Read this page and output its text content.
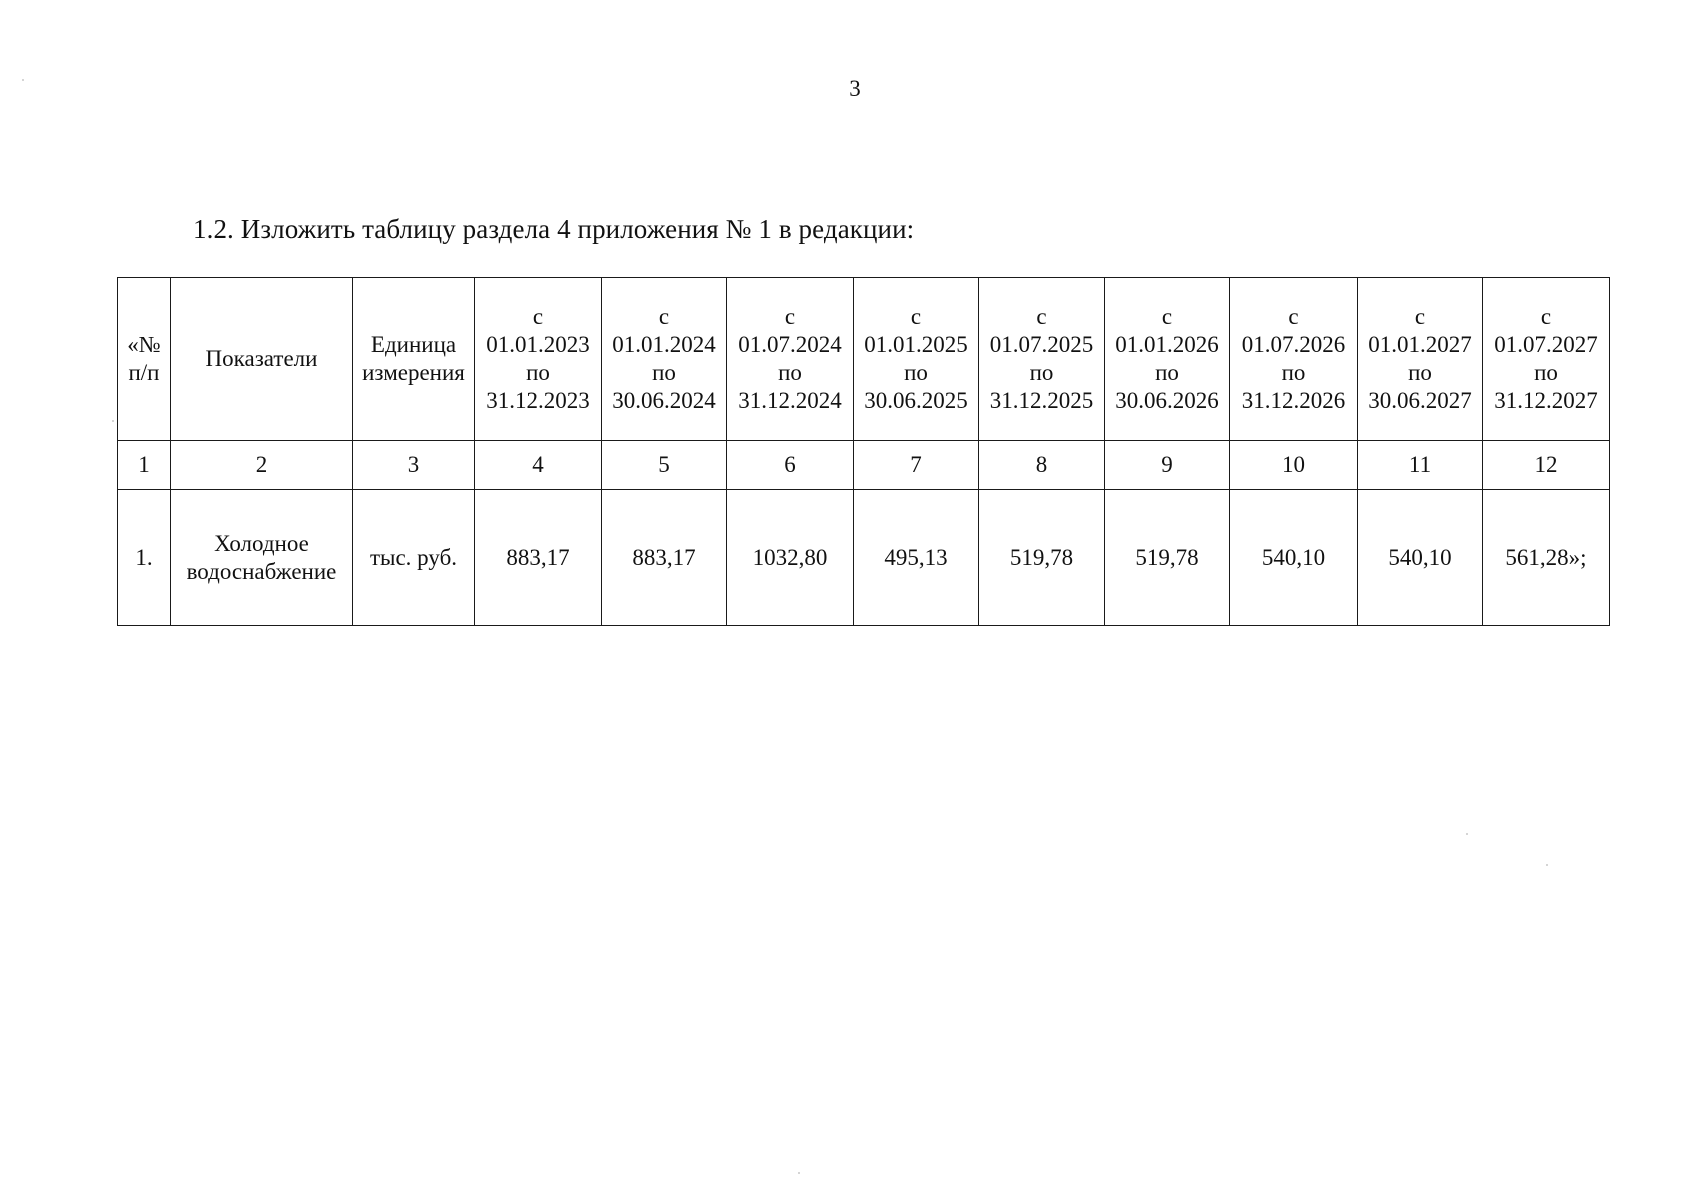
3
1.2. Изложить таблицу раздела 4 приложения № 1 в редакции:
«№
п/п	Показатели	Единица
измерения	с
01.01.2023
по
31.12.2023	с
01.01.2024
по
30.06.2024	с
01.07.2024
по
31.12.2024	с
01.01.2025
по
30.06.2025	с
01.07.2025
по
31.12.2025	с
01.01.2026
по
30.06.2026	с
01.07.2026
по
31.12.2026	с
01.01.2027
по
30.06.2027	с
01.07.2027
по
31.12.2027

1	2	3	4	5	6	7	8	9	10	11	12
1.	Холодное
водоснабжение	тыс. руб.	883,17	883,17	1032,80	495,13	519,78	519,78	540,10	540,10	561,28»;
